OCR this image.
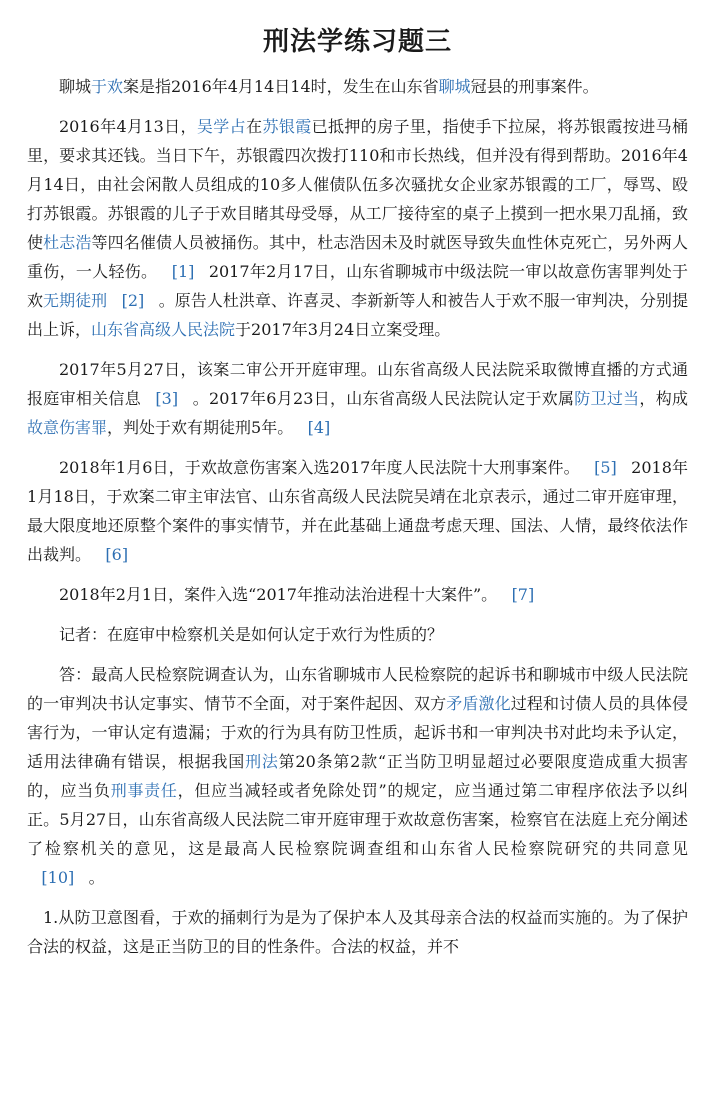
刑法学练习题三

聊城于欢案是指2016年4月14日14时，发生在山东省聊城冠县的刑事案件。

2016年4月13日，吴学占在苏银霞已抵押的房子里，指使手下拉屎，将苏银霞按进马桶里，要求其还钱。当日下午，苏银霞四次拨打110和市长热线，但并没有得到帮助。2016年4月14日，由社会闲散人员组成的10多人催债队伍多次骚扰女企业家苏银霞的工厂，辱骂、殴打苏银霞。苏银霞的儿子于欢目睹其母受辱，从工厂接待室的桌子上摸到一把水果刀乱捅，致使杜志浩等四名催债人员被捅伤。其中，杜志浩因未及时就医导致失血性休克死亡，另外两人重伤，一人轻伤。 [1] 2017年2月17日，山东省聊城市中级法院一审以故意伤害罪判处于欢无期徒刑 [2] 。原告人杜洪章、许喜灵、李新新等人和被告人于欢不服一审判决，分别提出上诉，山东省高级人民法院于2017年3月24日立案受理。

2017年5月27日，该案二审公开开庭审理。山东省高级人民法院采取微博直播的方式通报庭审相关信息 [3] 。2017年6月23日，山东省高级人民法院认定于欢属防卫过当，构成故意伤害罪，判处于欢有期徒刑5年。 [4]

2018年1月6日，于欢故意伤害案入选2017年度人民法院十大刑事案件。 [5] 2018年1月18日，于欢案二审主审法官、山东省高级人民法院吴靖在北京表示，通过二审开庭审理，最大限度地还原整个案件的事实情节，并在此基础上通盘考虑天理、国法、人情，最终依法作出裁判。 [6]

2018年2月1日，案件入选“2017年推动法治进程十大案件”。 [7]

记者：在庭审中检察机关是如何认定于欢行为性质的？

答：最高人民检察院调查认为，山东省聊城市人民检察院的起诉书和聊城市中级人民法院的一审判决书认定事实、情节不全面，对于案件起因、双方矛盾激化过程和讨债人员的具体侵害行为，一审认定有遗漏；于欢的行为具有防卫性质，起诉书和一审判决书对此均未予认定，适用法律确有错误，根据我国刑法第20条第2款“正当防卫明显超过必要限度造成重大损害的，应当负刑事责任，但应当减轻或者免除处罚”的规定，应当通过第二审程序依法予以纠正。5月27日，山东省高级人民法院二审开庭审理于欢故意伤害案，检察官在法庭上充分阐述了检察机关的意见，这是最高人民检察院调查组和山东省人民检察院研究的共同意见[10] 。

1.从防卫意图看，于欢的捅刺行为是为了保护本人及其母亲合法的权益而实施的。为了保护合法的权益，这是正当防卫的目的性条件。合法的权益，并不
